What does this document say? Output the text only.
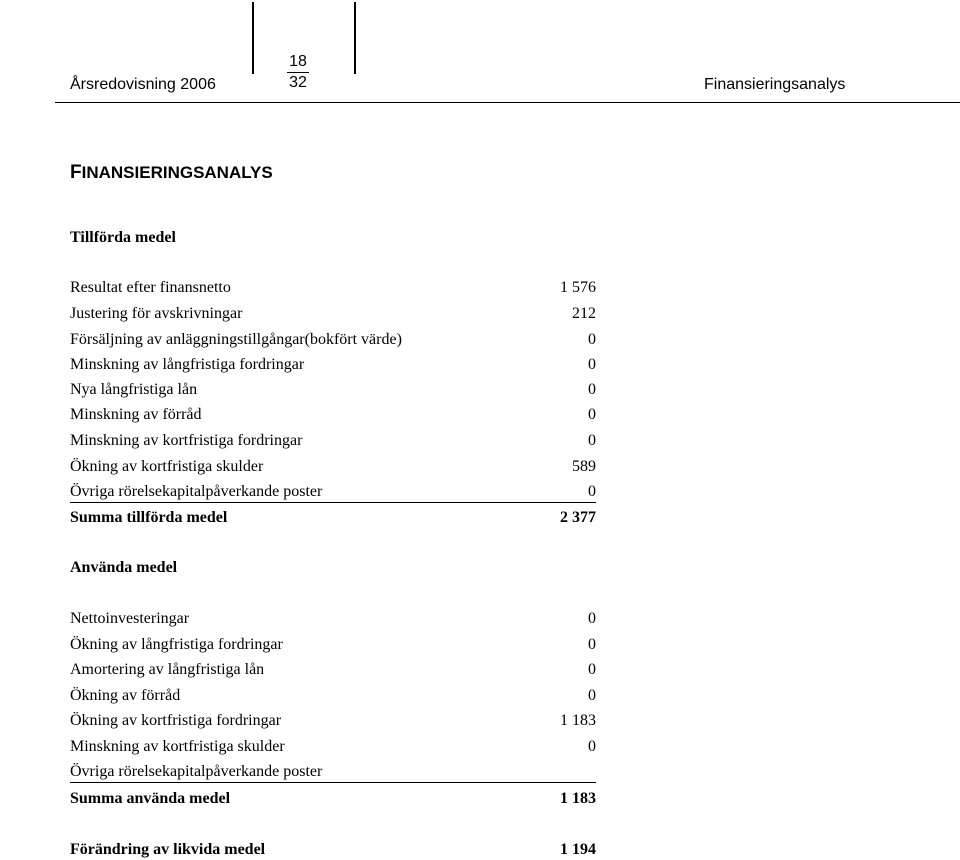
Årsredovisning 2006
18
32	Finansieringsanalys
FINANSIERINGSANALYS
Tillförda medel
Resultat efter finansnetto	1 576
Justering för avskrivningar	212
Försäljning av anläggningstillgångar(bokfört värde)	0
Minskning av långfristiga fordringar	0
Nya långfristiga lån	0
Minskning av förråd	0
Minskning av kortfristiga fordringar	0
Ökning av kortfristiga skulder	589
Övriga rörelsekapitalpåverkande poster	0
Summa tillförda medel	2 377
Använda medel
Nettoinvesteringar	0
Ökning av långfristiga fordringar	0
Amortering av långfristiga lån	0
Ökning av förråd	0
Ökning av kortfristiga fordringar	1 183
Minskning av kortfristiga skulder	0
Övriga rörelsekapitalpåverkande poster
Summa använda medel	1 183
Förändring av likvida medel	1 194
